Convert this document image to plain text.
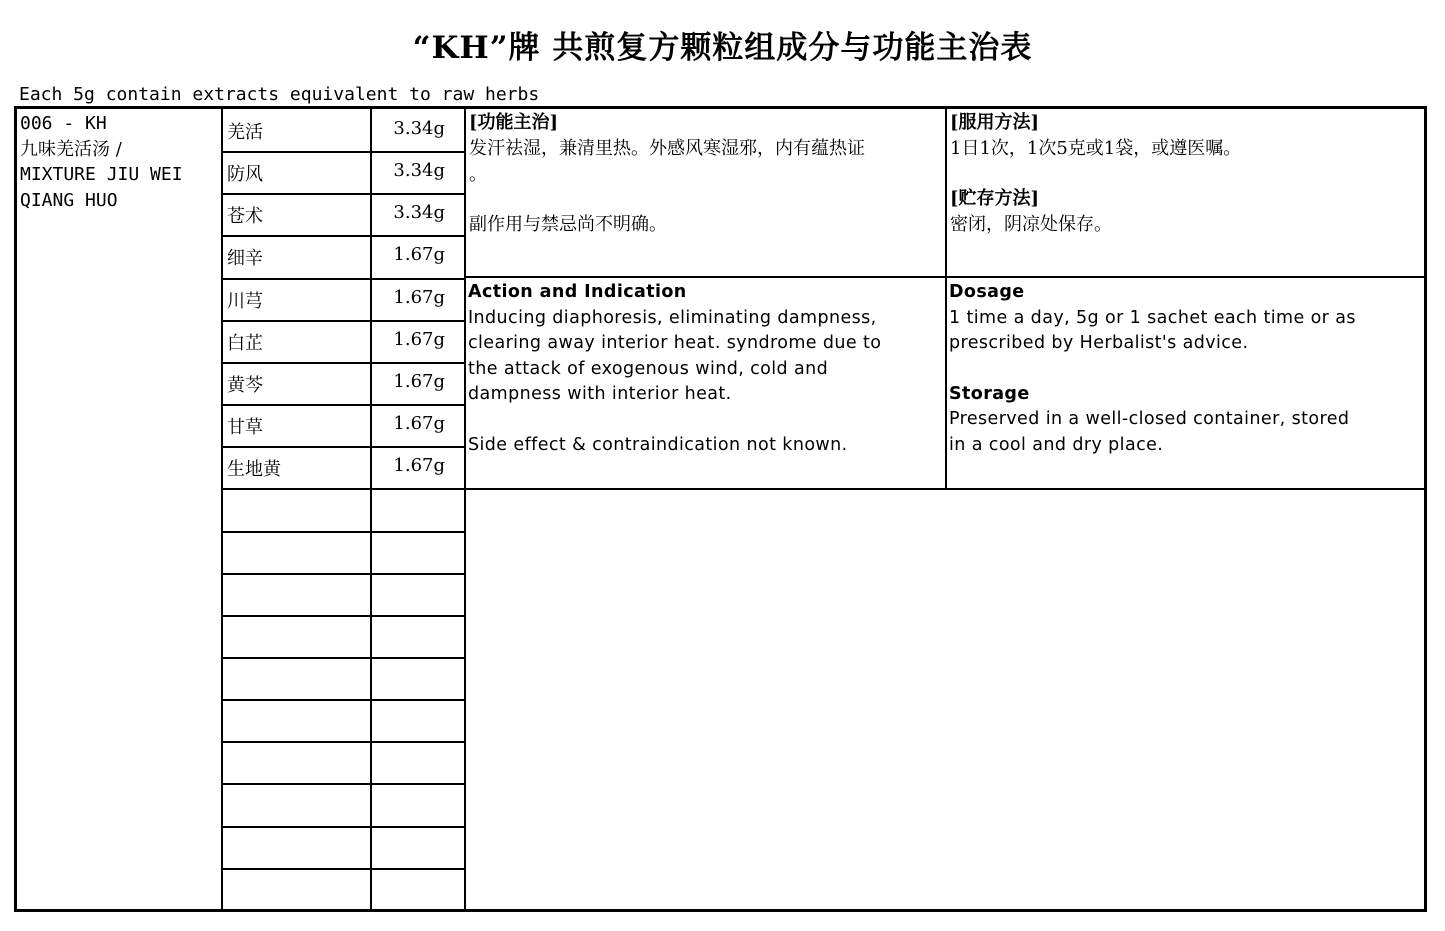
“KH”牌 共煎复方颗粒组成分与功能主治表
Each 5g contain extracts equivalent to raw herbs
006 - KH
九味羌活汤 /
MIXTURE JIU WEI
QIANG HUO
羌活	3.34g
防风	3.34g
苍术	3.34g
细辛	1.67g
川芎	1.67g
白芷	1.67g
黄芩	1.67g
甘草	1.67g
生地黄	1.67g
[功能主治]
发汗祛湿，兼清里热。外感风寒湿邪，内有蕴热证
。
副作用与禁忌尚不明确。
[服用方法]
1日1次，1次5克或1袋，或遵医嘱。
[贮存方法]
密闭，阴凉处保存。
Action and Indication
Inducing diaphoresis, eliminating dampness,
clearing away interior heat. syndrome due to
the attack of exogenous wind, cold and
dampness with interior heat.
Side effect & contraindication not known.
Dosage
1 time a day, 5g or 1 sachet each time or as
prescribed by Herbalist's advice.
Storage
Preserved in a well-closed container, stored
in a cool and dry place.
